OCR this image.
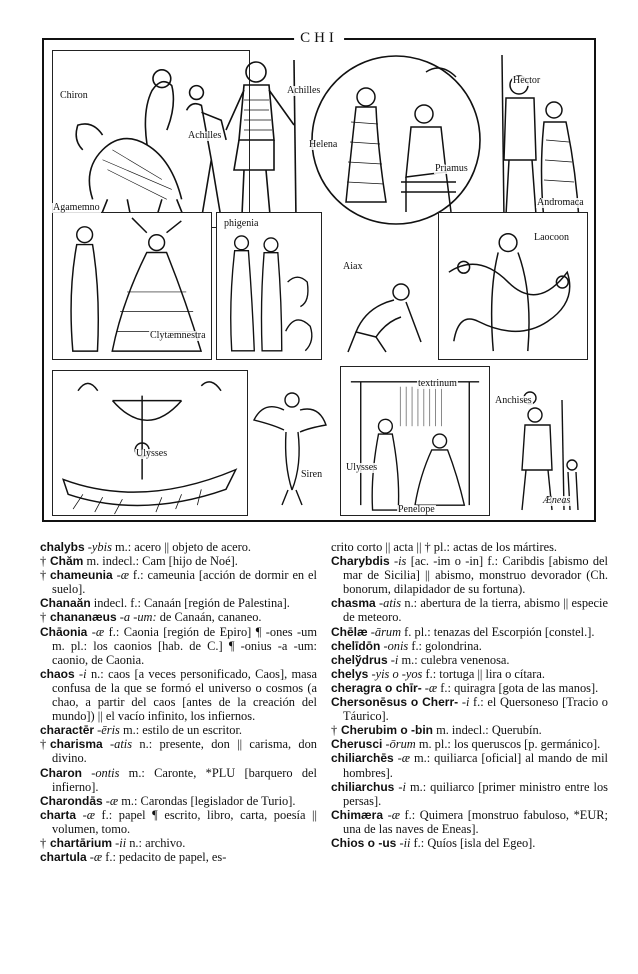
CHI
Chiron
Achilles
Achilles
Helena
Priamus
Hector
Andromaca
Agamemno
Clytæmnestra
phigenia
Aiax
Laocoon
Ulysses
Siren
textrinum
Ulysses
Penelope
Anchises
Æneas

chalybs -ybis m.: acero || objeto de acero.

† Chăm m. indecl.: Cam [hijo de Noé].

† chameunia -æ f.: cameunia [acción de dormir en el suelo].

Chanaăn indecl. f.: Canaán [región de Palestina].

† chananæus -a -um: de Canaán, cananeo.

Chāonia -æ f.: Caonia [región de Epiro] ¶ -ones -um m. pl.: los caonios [hab. de C.] ¶ -onius -a -um: caonio, de Caonia.

chaos -i n.: caos [a veces personificado, Caos], masa confusa de la que se formó el universo o cosmos (a chao, a partir del caos [antes de la creación del mundo]) || el vacío infinito, los infiernos.

charactēr -ēris m.: estilo de un escritor.

† charisma -atis n.: presente, don || carisma, don divino.

Charon -ontis m.: Caronte, *PLU [barquero del infierno].

Charondās -æ m.: Carondas [legislador de Turio].

charta -æ f.: papel ¶ escrito, libro, carta, poesía || volumen, tomo.

† chartārium -ii n.: archivo.

chartula -æ f.: pedacito de papel, es-

crito corto || acta || † pl.: actas de los mártires.

Charybdis -is [ac. -im o -in] f.: Caribdis [abismo del mar de Sicilia] || abismo, monstruo devorador (Ch. bonorum, dilapidador de su fortuna).

chasma -atis n.: abertura de la tierra, abismo || especie de meteoro.

Chēlæ -ārum f. pl.: tenazas del Escorpión [constel.].

chelīdōn -onis f.: golondrina.

chelўdrus -i m.: culebra venenosa.

chelys -yis o -yos f.: tortuga || lira o cítara.

cheragra o chīr- -æ f.: quiragra [gota de las manos].

Chersonēsus o Cherr- -i f.: el Quersoneso [Tracio o Táurico].

† Cherubim o -bin m. indecl.: Querubín.

Cherusci -ōrum m. pl.: los queruscos [p. germánico].

chiliarchēs -æ m.: quiliarca [oficial] al mando de mil hombres].

chiliarchus -i m.: quiliarco [primer ministro entre los persas].

Chimæra -æ f.: Quimera [monstruo fabuloso, *EUR; una de las naves de Eneas].

Chios o -us -ii f.: Quíos [isla del Egeo].
